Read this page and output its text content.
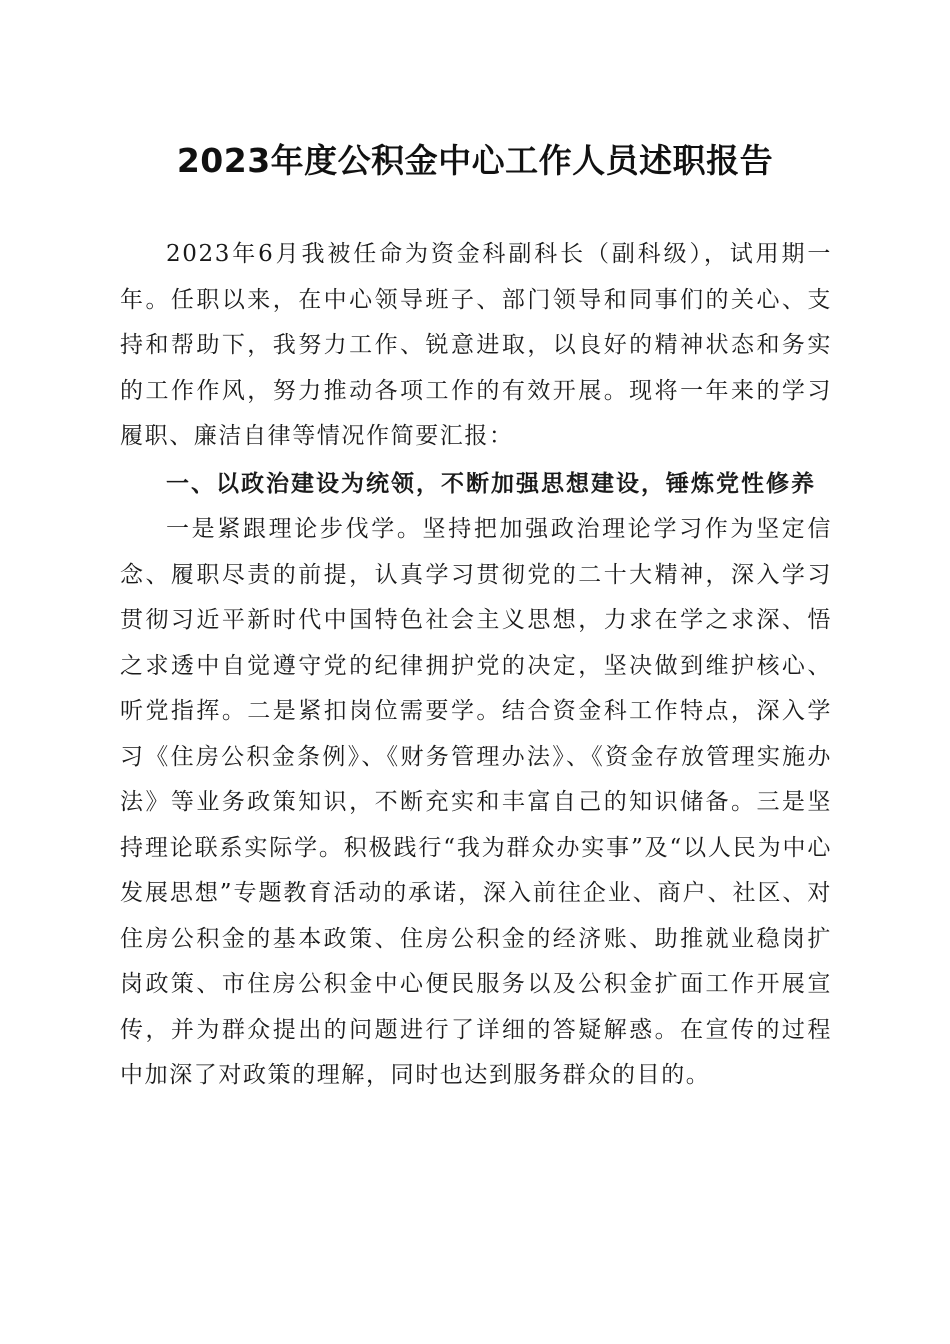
2023年度公积金中心工作人员述职报告

2023年6月我被任命为资金科副科长（副科级），试用期一年。任职以来，在中心领导班子、部门领导和同事们的关心、支持和帮助下，我努力工作、锐意进取，以良好的精神状态和务实的工作作风，努力推动各项工作的有效开展。现将一年来的学习履职、廉洁自律等情况作简要汇报：

一、以政治建设为统领，不断加强思想建设，锤炼党性修养

一是紧跟理论步伐学。坚持把加强政治理论学习作为坚定信念、履职尽责的前提，认真学习贯彻党的二十大精神，深入学习贯彻习近平新时代中国特色社会主义思想，力求在学之求深、悟之求透中自觉遵守党的纪律拥护党的决定，坚决做到维护核心、听党指挥。二是紧扣岗位需要学。结合资金科工作特点，深入学习《住房公积金条例》、《财务管理办法》、《资金存放管理实施办法》等业务政策知识，不断充实和丰富自己的知识储备。三是坚持理论联系实际学。积极践行“我为群众办实事”及“以人民为中心发展思想”专题教育活动的承诺，深入前往企业、商户、社区、对住房公积金的基本政策、住房公积金的经济账、助推就业稳岗扩岗政策、市住房公积金中心便民服务以及公积金扩面工作开展宣传，并为群众提出的问题进行了详细的答疑解惑。在宣传的过程中加深了对政策的理解，同时也达到服务群众的目的。
